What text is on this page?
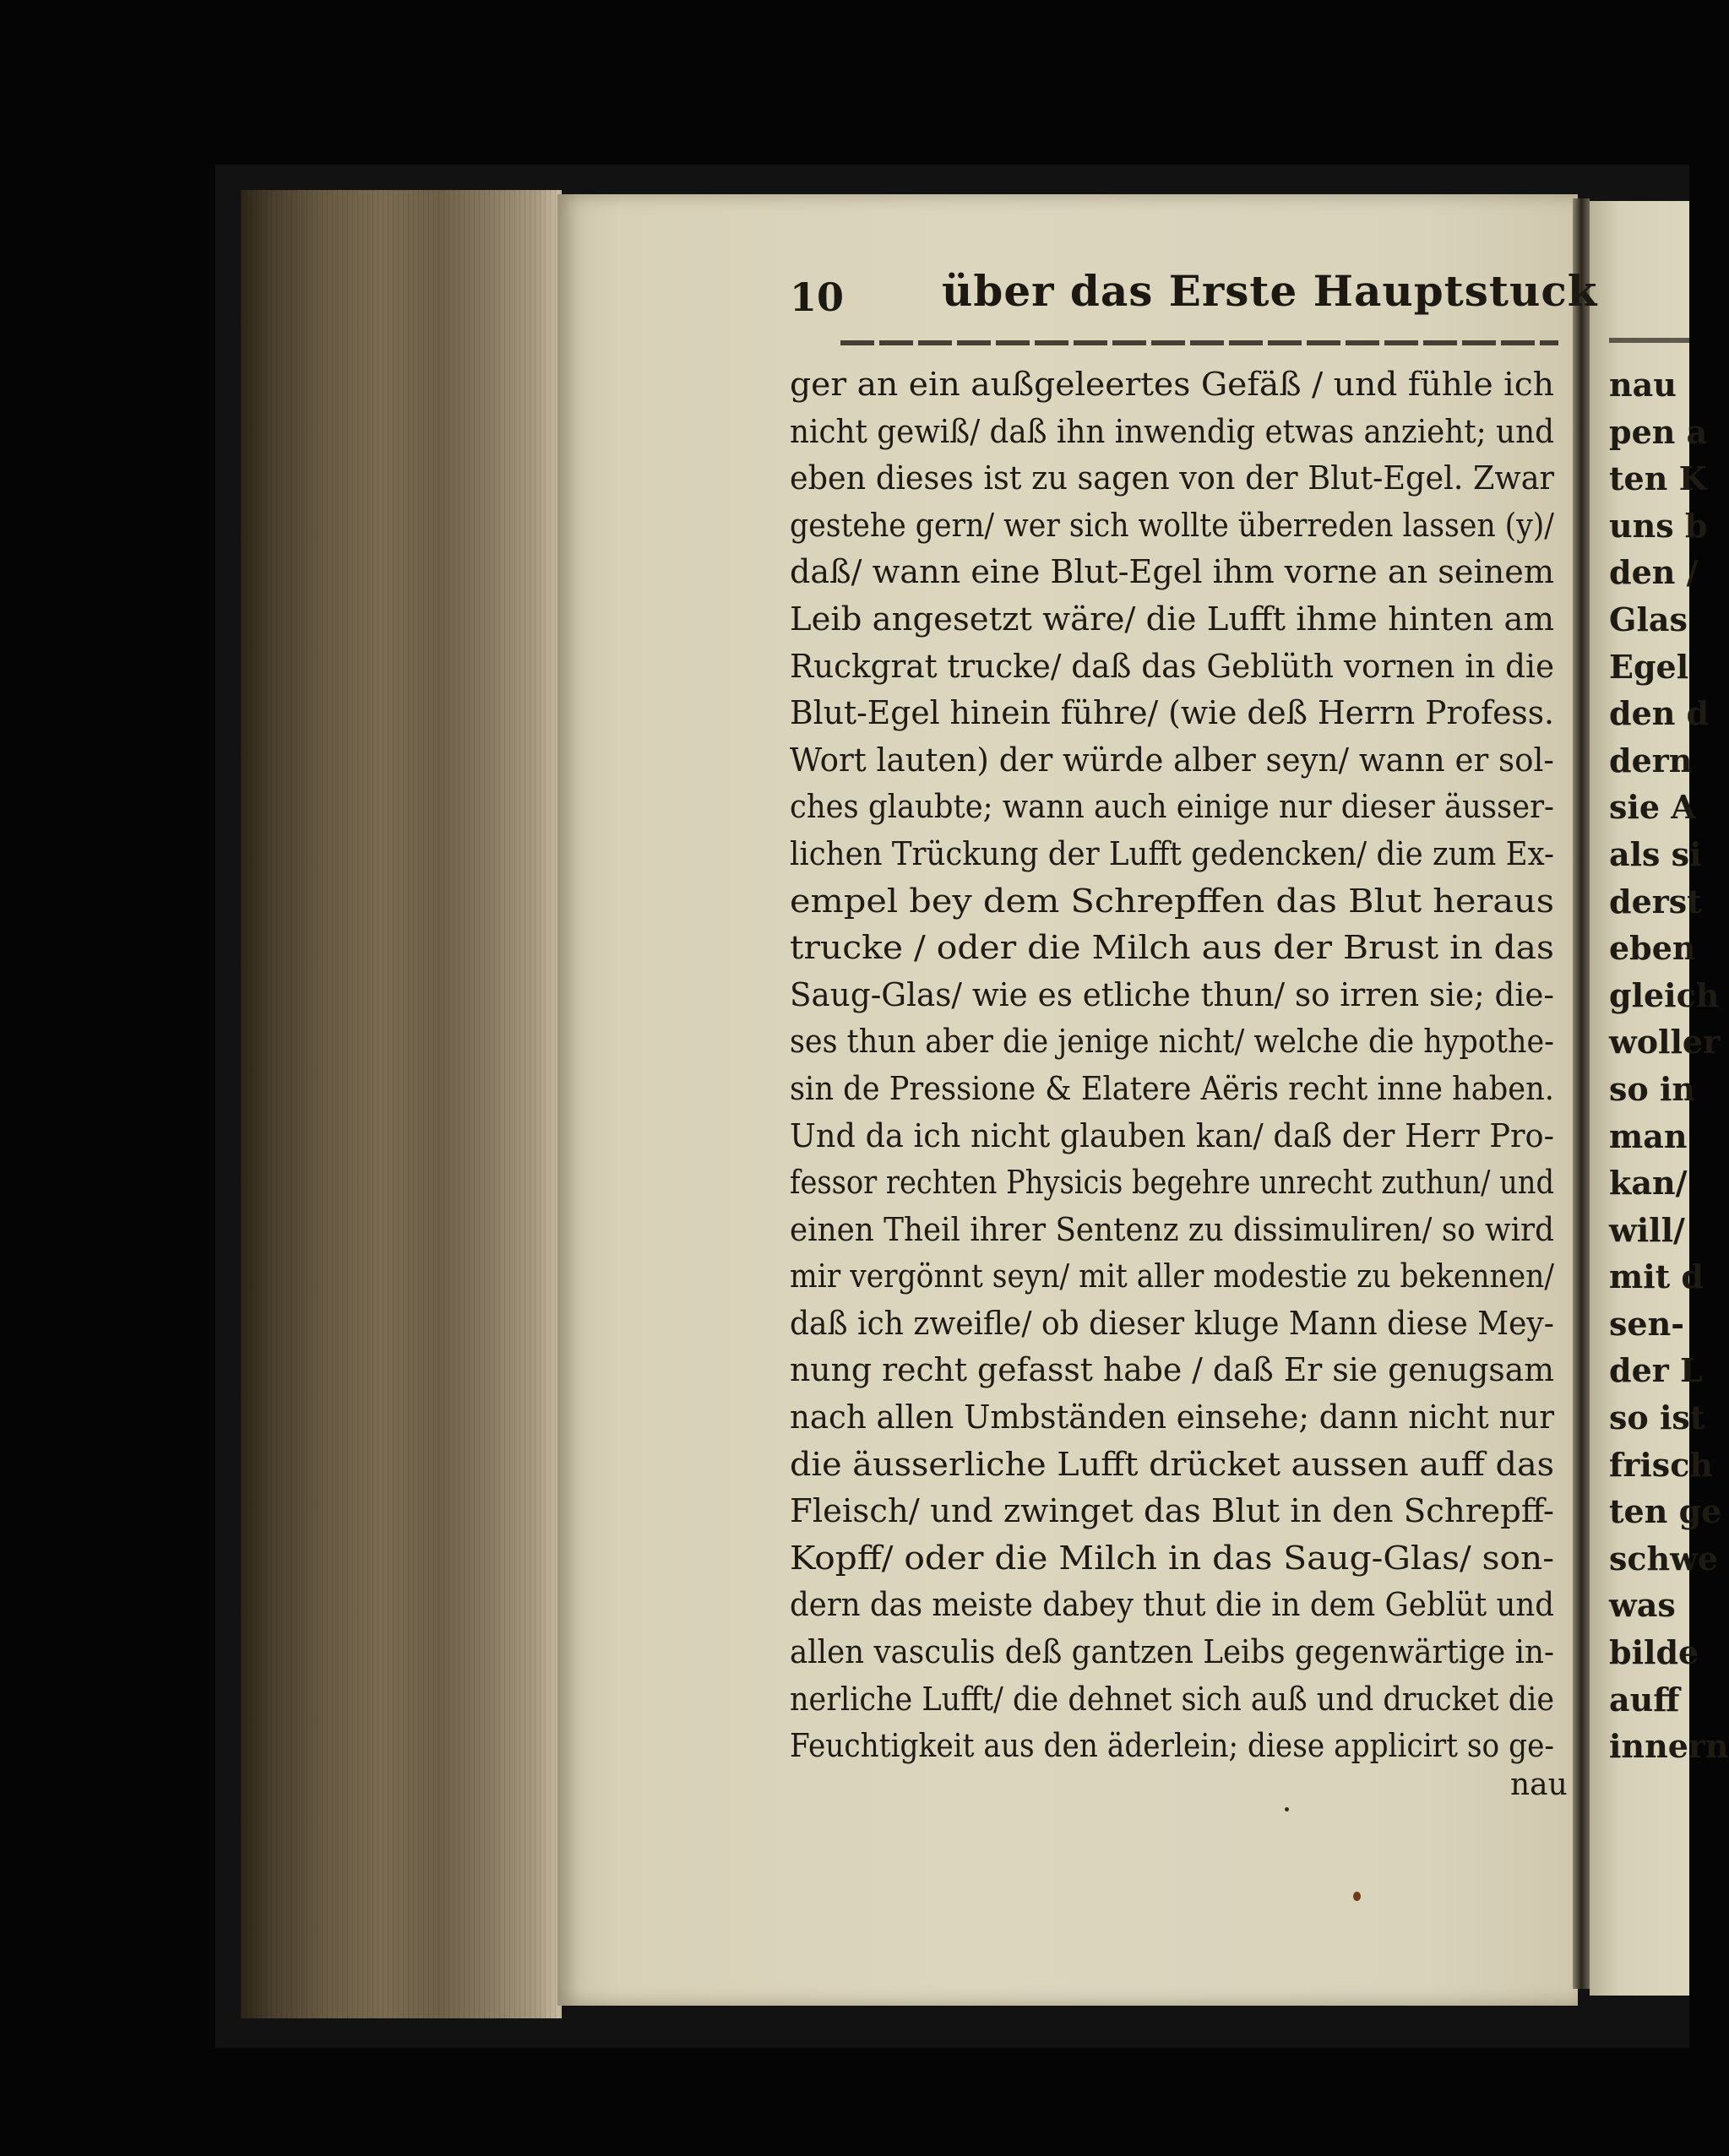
10 über das Erste Hauptstuck
ger an ein außgeleertes Gefäß / und fühle ich
nicht gewiß/ daß ihn inwendig etwas anzieht; und
eben dieses ist zu sagen von der Blut-Egel. Zwar
gestehe gern/ wer sich wollte überreden lassen (y)/
daß/ wann eine Blut-Egel ihm vorne an seinem
Leib angesetzt wäre/ die Lufft ihme hinten am
Ruckgrat trucke/ daß das Geblüth vornen in die
Blut-Egel hinein führe/ (wie deß Herrn Profess.
Wort lauten) der würde alber seyn/ wann er sol-
ches glaubte; wann auch einige nur dieser äusser-
lichen Trückung der Lufft gedencken/ die zum Ex-
empel bey dem Schrepffen das Blut heraus
trucke / oder die Milch aus der Brust in das
Saug-Glas/ wie es etliche thun/ so irren sie; die-
ses thun aber die jenige nicht/ welche die hypothe-
sin de Pressione & Elatere Aëris recht inne haben.
Und da ich nicht glauben kan/ daß der Herr Pro-
fessor rechten Physicis begehre unrecht zuthun/ und
einen Theil ihrer Sentenz zu dissimuliren/ so wird
mir vergönnt seyn/ mit aller modestie zu bekennen/
daß ich zweifle/ ob dieser kluge Mann diese Mey-
nung recht gefasst habe / daß Er sie genugsam
nach allen Umbständen einsehe; dann nicht nur
die äusserliche Lufft drücket aussen auff das
Fleisch/ und zwinget das Blut in den Schrepff-
Kopff/ oder die Milch in das Saug-Glas/ son-
dern das meiste dabey thut die in dem Geblüt und
allen vasculis deß gantzen Leibs gegenwärtige in-
nerliche Lufft/ die dehnet sich auß und drucket die
Feuchtigkeit aus den äderlein; diese applicirt so ge-
nau
nau
pen a
ten K
uns b
den /
Glas
Egel
den d
dern
sie A
als si
derst
eben
gleich
woller
so in
man
kan/
will/
mit d
sen-
der L
so ist
frisch
ten ge
schwe
was
bilde
auff
innern
